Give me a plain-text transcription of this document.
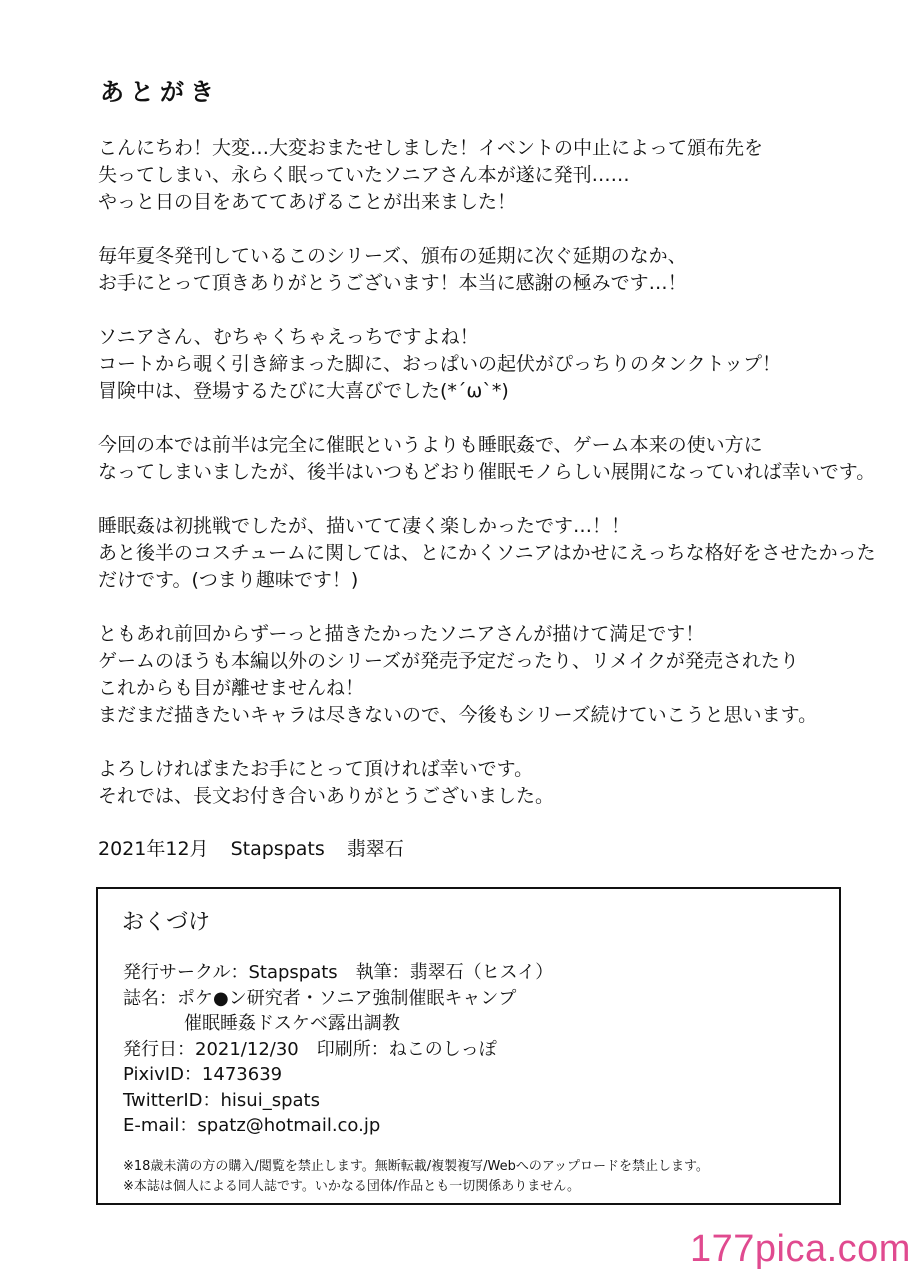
あとがき
こんにちわ！大変…大変おまたせしました！イベントの中止によって頒布先を
失ってしまい、永らく眠っていたソニアさん本が遂に発刊……
やっと日の目をあててあげることが出来ました！
毎年夏冬発刊しているこのシリーズ、頒布の延期に次ぐ延期のなか、
お手にとって頂きありがとうございます！本当に感謝の極みです…！
ソニアさん、むちゃくちゃえっちですよね！
コートから覗く引き締まった脚に、おっぱいの起伏がぴっちりのタンクトップ！
冒険中は、登場するたびに大喜びでした(*´ω`*)
今回の本では前半は完全に催眠というよりも睡眠姦で、ゲーム本来の使い方に
なってしまいましたが、後半はいつもどおり催眠モノらしい展開になっていれば幸いです。
睡眠姦は初挑戦でしたが、描いてて凄く楽しかったです…！！
あと後半のコスチュームに関しては、とにかくソニアはかせにえっちな格好をさせたかった
だけです。(つまり趣味です！)
ともあれ前回からずーっと描きたかったソニアさんが描けて満足です！
ゲームのほうも本編以外のシリーズが発売予定だったり、リメイクが発売されたり
これからも目が離せませんね！
まだまだ描きたいキャラは尽きないので、今後もシリーズ続けていこうと思います。
よろしければまたお手にとって頂ければ幸いです。
それでは、長文お付き合いありがとうございました。
2021年12月 Stapspats 翡翠石
おくづけ
発行サークル：Stapspats 執筆：翡翠石（ヒスイ）
誌名：ポケ●ン研究者・ソニア強制催眠キャンプ
催眠睡姦ドスケベ露出調教
発行日：2021/12/30 印刷所：ねこのしっぽ
PixivID：1473639
TwitterID：hisui_spats
E-mail：spatz@hotmail.co.jp
※18歳未満の方の購入/閲覧を禁止します。無断転載/複製複写/Webへのアップロードを禁止します。
※本誌は個人による同人誌です。いかなる団体/作品とも一切関係ありません。
177pica.com
